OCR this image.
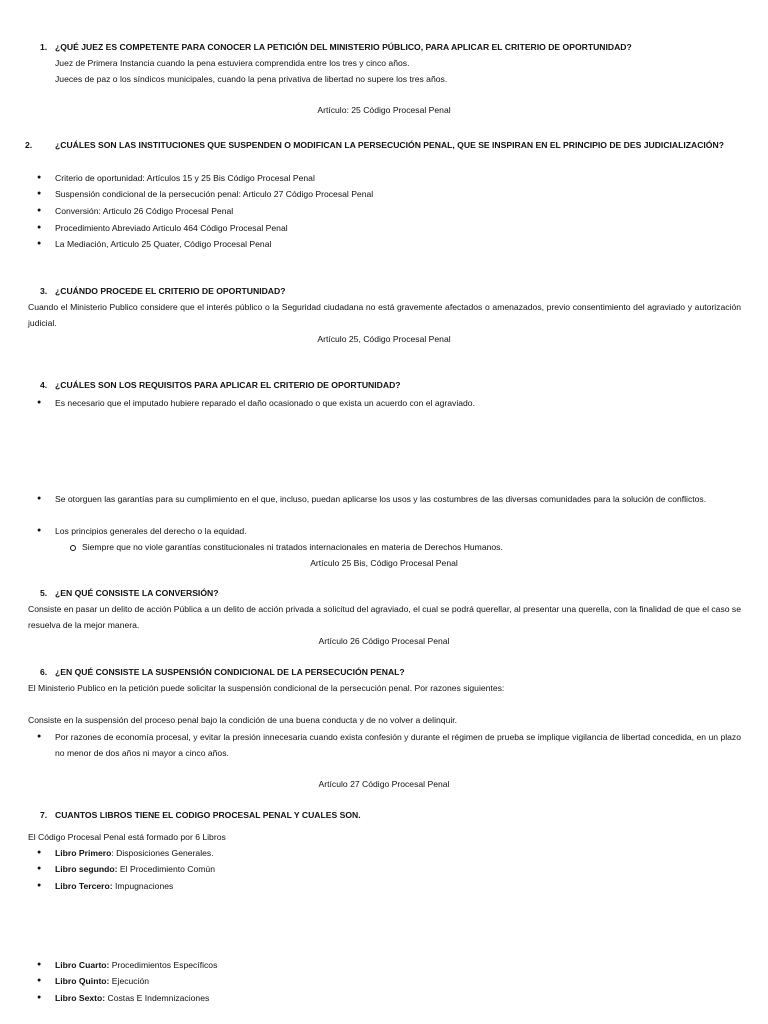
1. ¿QUÉ JUEZ ES COMPETENTE PARA CONOCER LA PETICIÓN DEL MINISTERIO PÚBLICO, PARA APLICAR EL CRITERIO DE OPORTUNIDAD?
Juez de Primera Instancia cuando la pena estuviera comprendida entre los tres y cinco años.
Jueces de paz o los síndicos municipales, cuando la pena privativa de libertad no supere los tres años.
Artículo: 25 Código Procesal Penal
2.	¿CUÁLES SON LAS INSTITUCIONES QUE SUSPENDEN O MODIFICAN LA PERSECUCIÓN PENAL, QUE SE INSPIRAN EN EL PRINCIPIO DE DES JUDICIALIZACIÓN?
● Criterio de oportunidad: Artículos 15 y 25 Bis Código Procesal Penal
● Suspensión condicional de la persecución penal: Articulo 27 Código Procesal Penal
● Conversión: Articulo 26 Código Procesal Penal
● Procedimiento Abreviado Articulo 464 Código Procesal Penal
● La Mediación, Articulo 25 Quater, Código Procesal Penal
3. ¿CUÁNDO PROCEDE EL CRITERIO DE OPORTUNIDAD?
Cuando el Ministerio Publico considere que el interés público o la Seguridad ciudadana no está gravemente afectados o amenazados, previo consentimiento del agraviado y autorización judicial.
Artículo 25, Código Procesal Penal
4. ¿CUÁLES SON LOS REQUISITOS PARA APLICAR EL CRITERIO DE OPORTUNIDAD?
● Es necesario que el imputado hubiere reparado el daño ocasionado o que exista un acuerdo con el agraviado.
● Se otorguen las garantías para su cumplimiento en el que, incluso, puedan aplicarse los usos y las costumbres de las diversas comunidades para la solución de conflictos.
● Los principios generales del derecho o la equidad.
Siempre que no viole garantías constitucionales ni tratados internacionales en materia de Derechos Humanos.
Artículo 25 Bis, Código Procesal Penal
5. ¿EN QUÉ CONSISTE LA CONVERSIÓN?
Consiste en pasar un delito de acción Pública a un delito de acción privada a solicitud del agraviado, el cual se podrá querellar, al presentar una querella, con la finalidad de que el caso se resuelva de la mejor manera.
Artículo 26 Código Procesal Penal
6. ¿EN QUÉ CONSISTE LA SUSPENSIÓN CONDICIONAL DE LA PERSECUCIÓN PENAL?
El Ministerio Publico en la petición puede solicitar la suspensión condicional de la persecución penal. Por razones siguientes:
Consiste en la suspensión del proceso penal bajo la condición de una buena conducta y de no volver a delinquir.
● Por razones de economía procesal, y evitar la presión innecesaria cuando exista confesión y durante el régimen de prueba se implique vigilancia de libertad concedida, en un plazo no menor de dos años ni mayor a cinco años.
Artículo 27 Código Procesal Penal
7. CUANTOS LIBROS TIENE EL CODIGO PROCESAL PENAL Y CUALES SON.
El Código Procesal Penal está formado por 6 Libros
● Libro Primero: Disposiciones Generales.
● Libro segundo: El Procedimiento Común
● Libro Tercero: Impugnaciones
● Libro Cuarto: Procedimientos Específicos
● Libro Quinto: Ejecución
● Libro Sexto: Costas E Indemnizaciones
